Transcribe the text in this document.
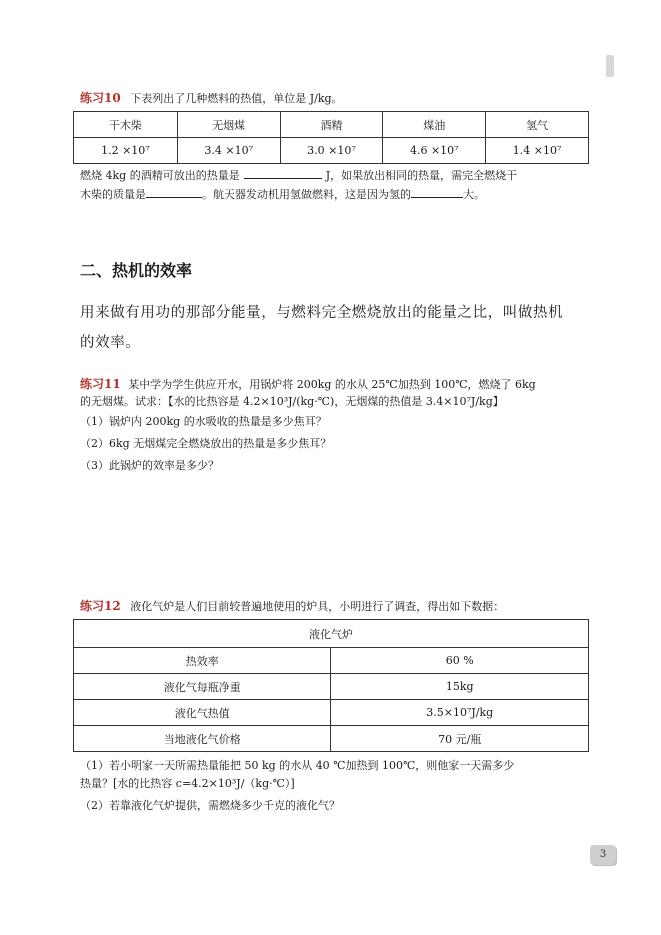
练习10 下表列出了几种燃料的热值，单位是 J/kg。
干木柴	无烟煤	酒精	煤油	氢气
1.2 ×10⁷	3.4 ×10⁷	3.0 ×10⁷	4.6 ×10⁷	1.4 ×10⁷
燃烧 4kg 的酒精可放出的热量是	J，如果放出相同的热量，需完全燃烧干
木柴的质量是	。航天器发动机用氢做燃料，这是因为氢的	大。
二、热机的效率
用来做有用功的那部分能量，与燃料完全燃烧放出的能量之比，叫做热机
的效率。
练习11 某中学为学生供应开水，用锅炉将 200kg 的水从 25℃加热到 100℃，燃烧了 6kg
的无烟煤。试求：【水的比热容是 4.2×10³J/(kg·℃)，无烟煤的热值是 3.4×10⁷J/kg】
（1）锅炉内 200kg 的水吸收的热量是多少焦耳？
（2）6kg 无烟煤完全燃烧放出的热量是多少焦耳？
（3）此锅炉的效率是多少？
练习12 液化气炉是人们目前较普遍地使用的炉具，小明进行了调查，得出如下数据：
液化气炉	
热效率	60 %
液化气每瓶净重	15kg
液化气热值	3.5×10⁷J/kg
当地液化气价格	70 元/瓶
（1）若小明家一天所需热量能把 50 kg 的水从 40 ℃加热到 100℃，则他家一天需多少
热量？[水的比热容 c=4.2×10³J/（kg·℃）]
（2）若靠液化气炉提供，需燃烧多少千克的液化气？
3
